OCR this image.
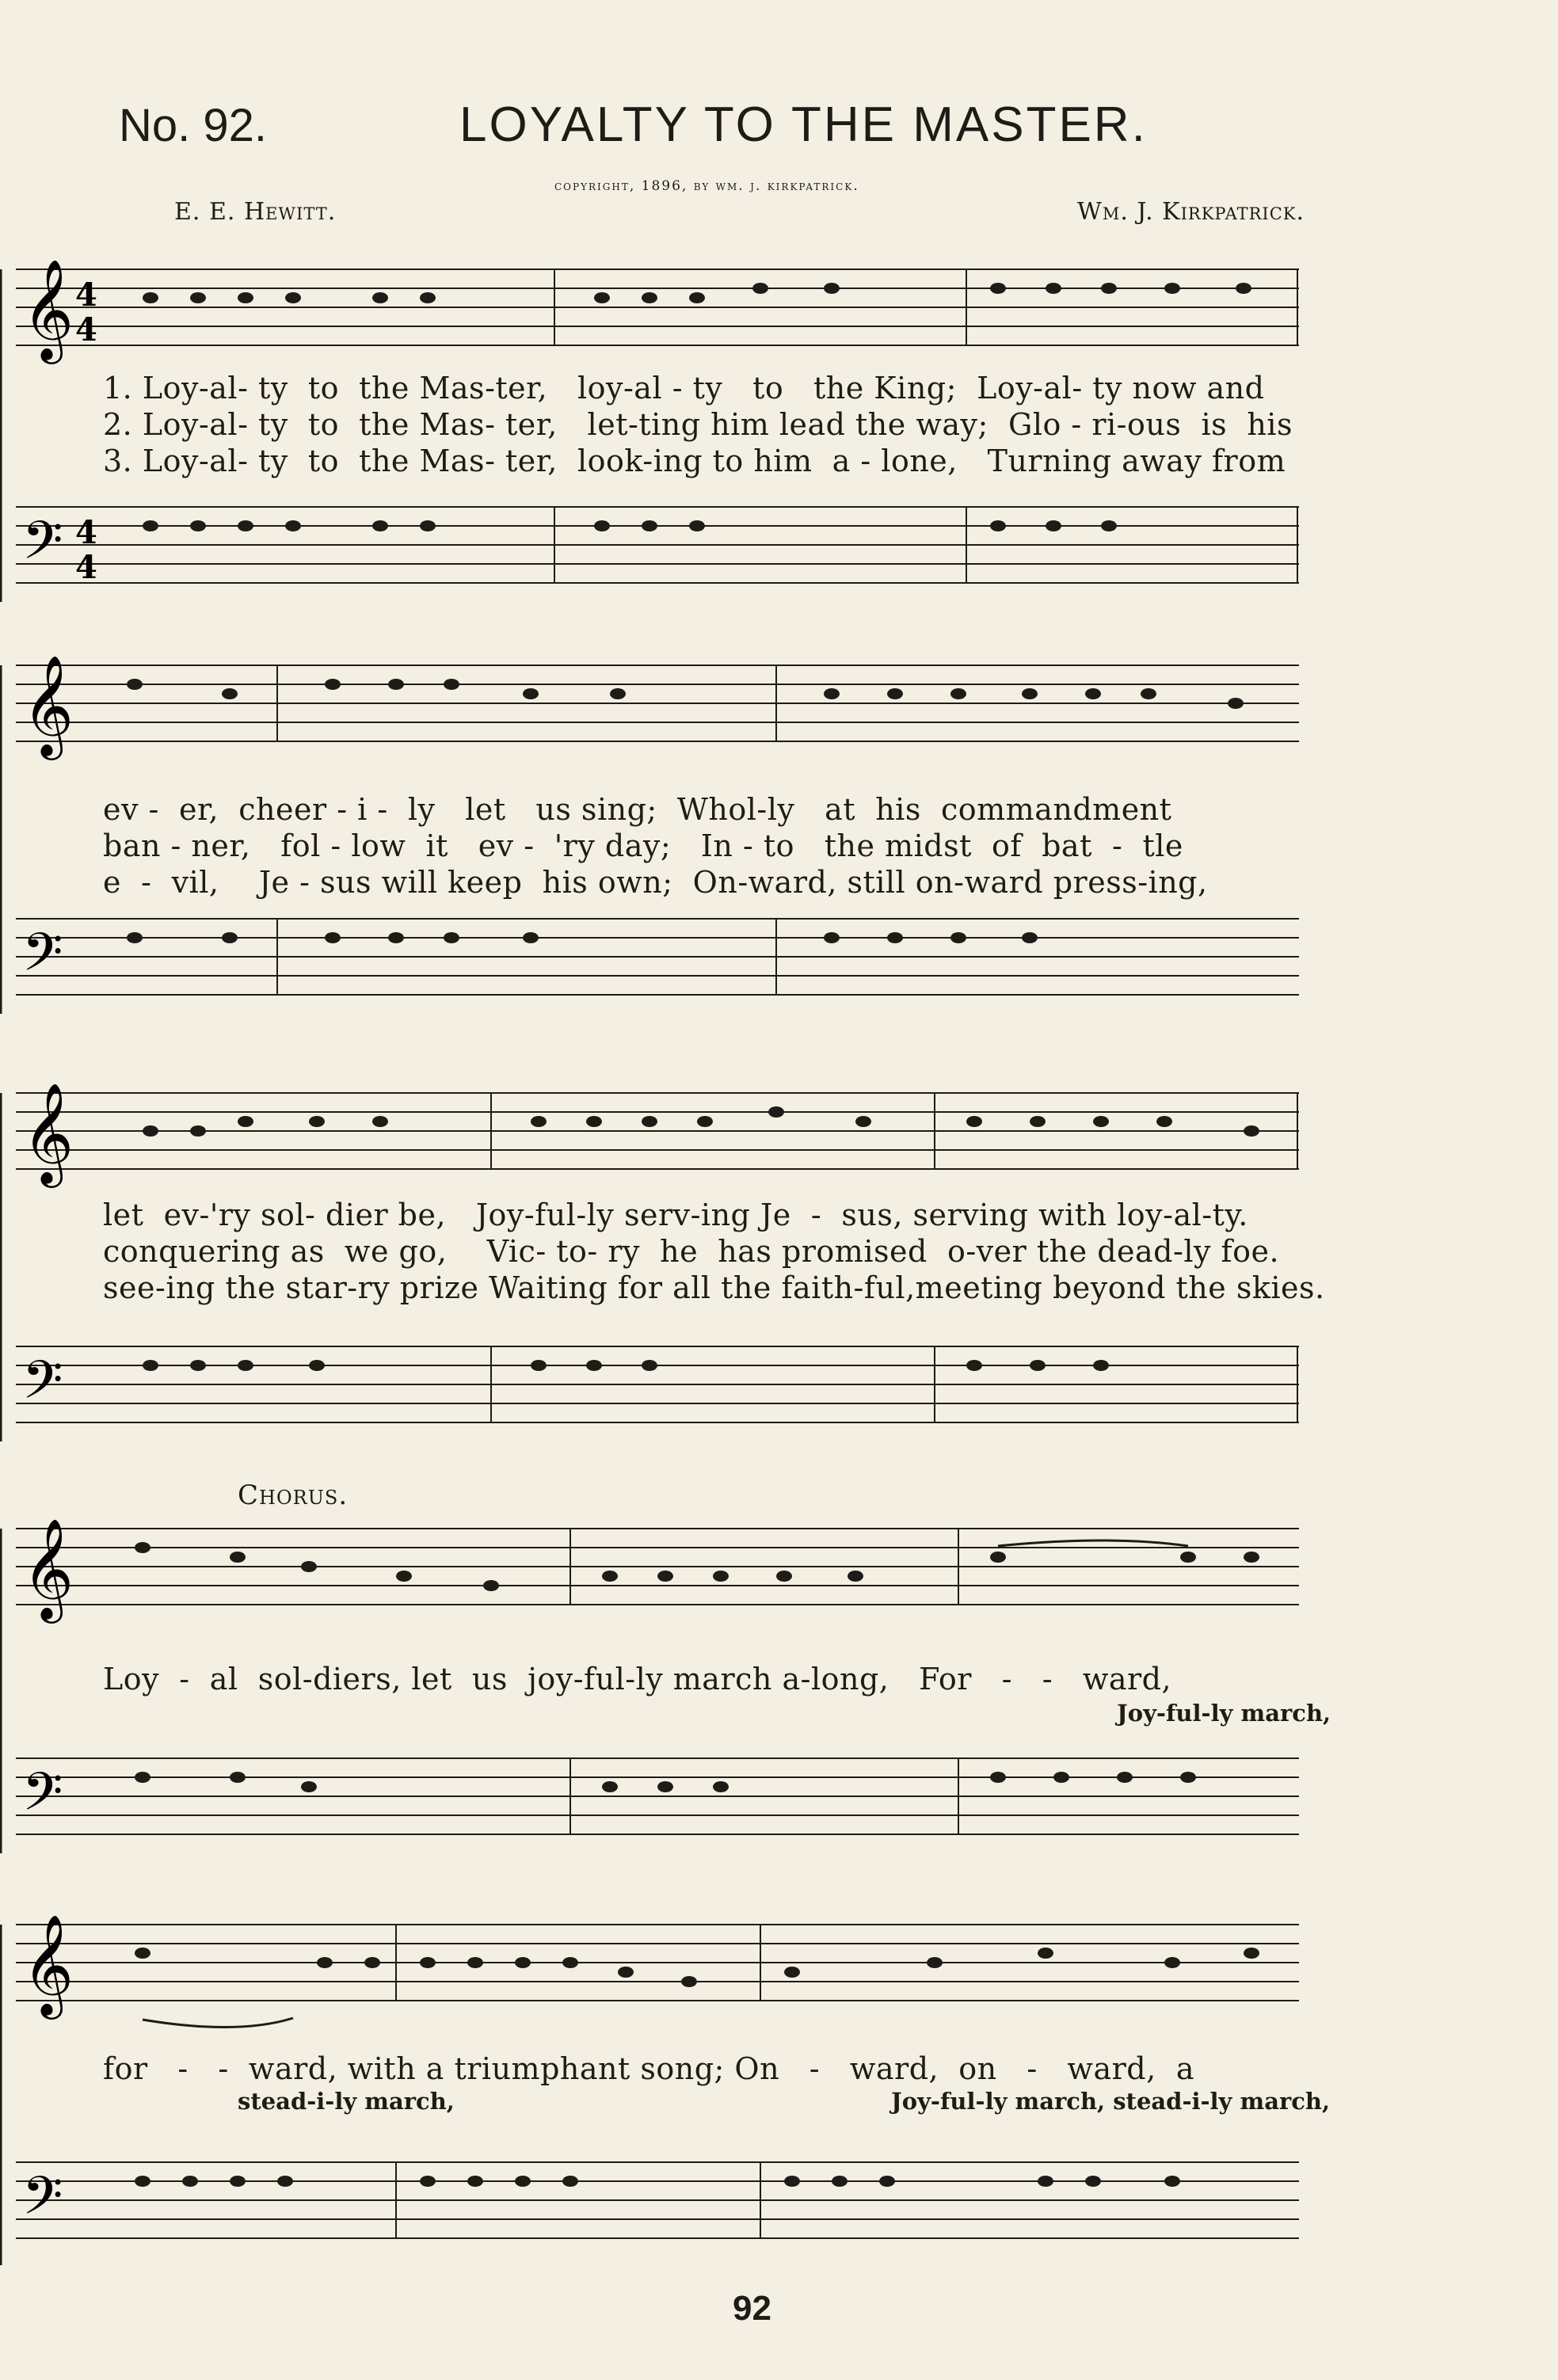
No. 92.	LOYALTY TO THE MASTER.
copyright, 1896, by wm. j. kirkpatrick.
E. E. Hewitt.	Wm. J. Kirkpatrick.
𝄞
𝄢
4
4
4
4
1. Loy-al- ty  to  the Mas-ter,   loy-al - ty   to   the King;  Loy-al- ty now and
2. Loy-al- ty  to  the Mas- ter,   let-ting him lead the way;  Glo - ri-ous  is  his
3. Loy-al- ty  to  the Mas- ter,  look-ing to him  a - lone,   Turning away from
𝄞
𝄢
ev -  er,  cheer - i -  ly   let   us sing;  Whol-ly   at  his  commandment
ban - ner,   fol - low  it   ev -  'ry day;   In - to   the midst  of  bat  -  tle
e  -  vil,    Je - sus will keep  his own;  On-ward, still on-ward press-ing,
𝄞
𝄢
let  ev-'ry sol- dier be,   Joy-ful-ly serv-ing Je  -  sus, serving with loy-al-ty.
conquering as  we go,    Vic- to- ry  he  has promised  o-ver the dead-ly foe.
see-ing the star-ry prize Waiting for all the faith-ful,meeting beyond the skies.
Chorus.
𝄞
𝄢
Loy  -  al  sol-diers, let  us  joy-ful-ly march a-long,   For   -   -   ward,
Joy-ful-ly march,
𝄞
𝄢
for   -   -  ward, with a triumphant song; On   -   ward,  on   -   ward,  a
stead-i-ly march,	Joy-ful-ly march, stead-i-ly march,
92
